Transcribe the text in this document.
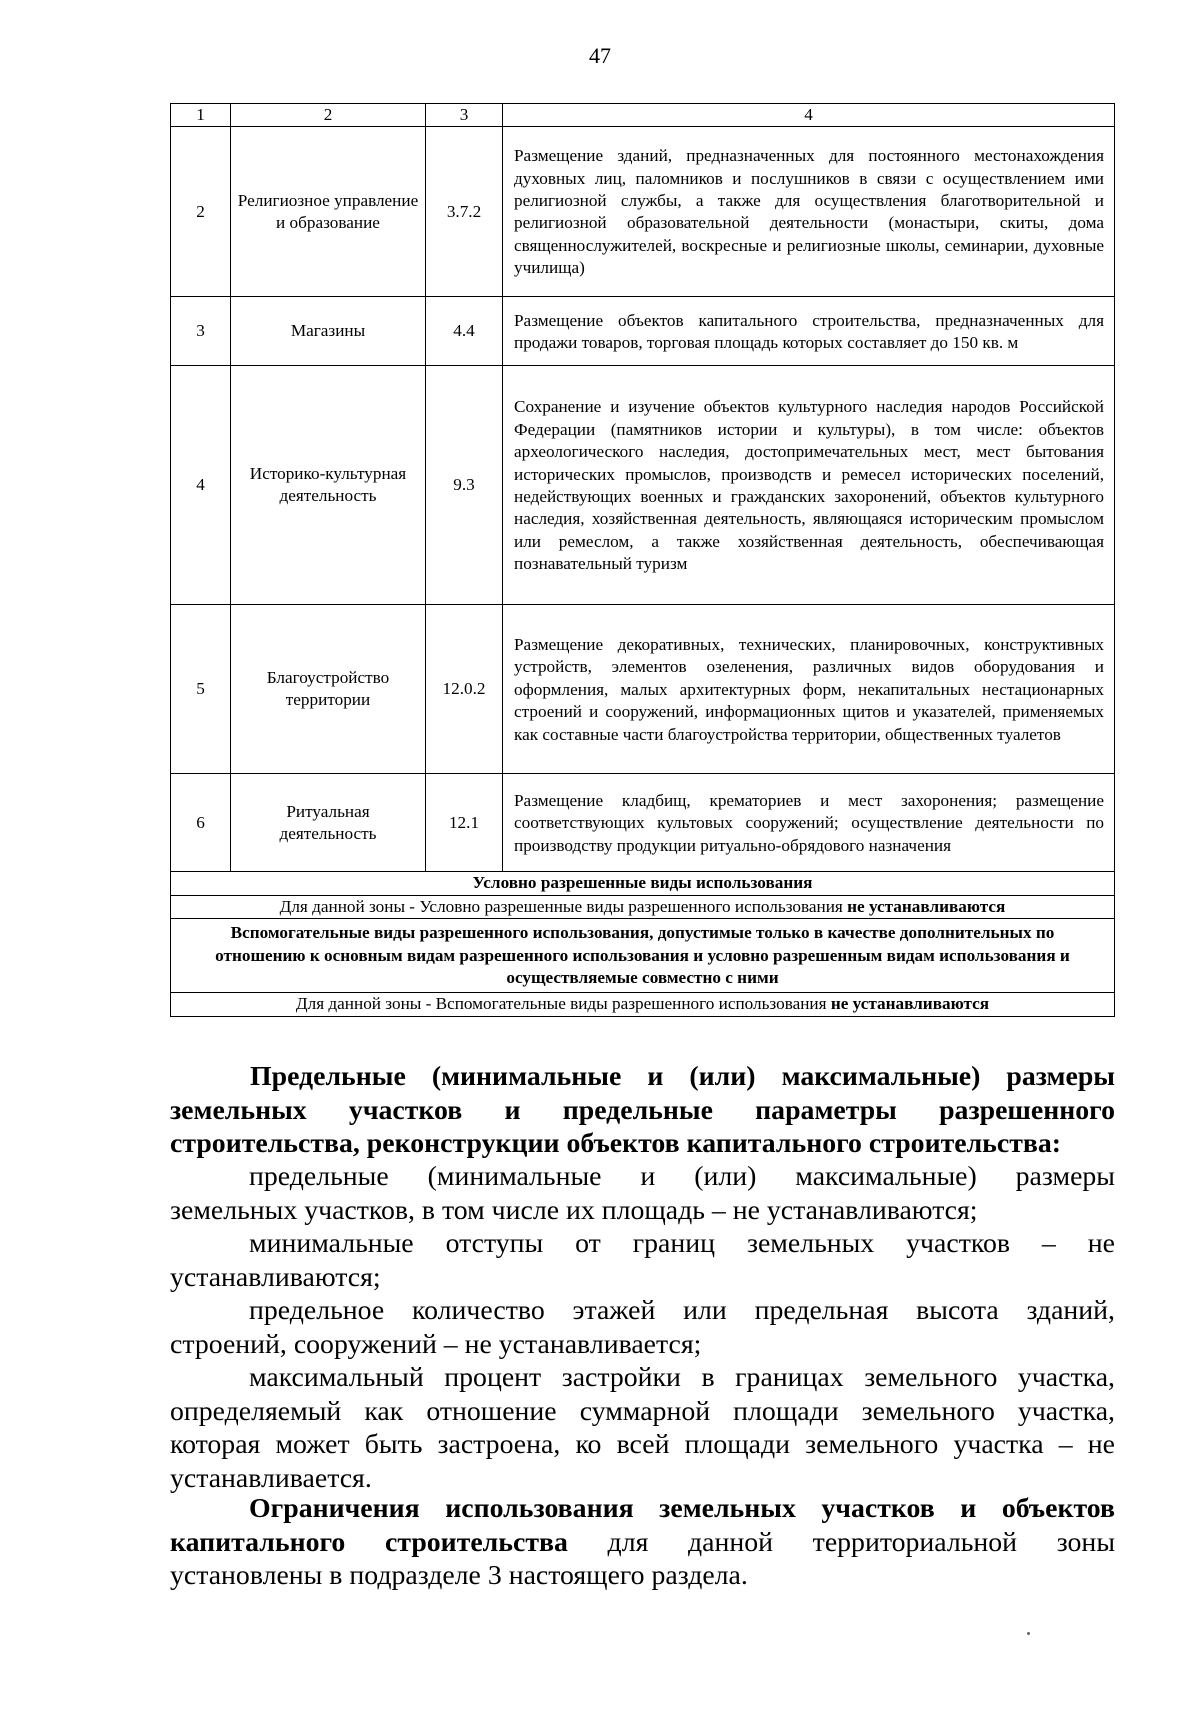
47
1	2	3	4
2	Религиозное управление и образование	3.7.2	Размещение зданий, предназначенных для постоянного местонахождения духовных лиц, паломников и послушников в связи с осуществлением ими религиозной службы, а также для осуществления благотворительной и религиозной образовательной деятельности (монастыри, скиты, дома священнослужителей, воскресные и религиозные школы, семинарии, духовные училища)
3	Магазины	4.4	Размещение объектов капитального строительства, предназначенных для продажи товаров, торговая площадь которых составляет до 150 кв. м
4	Историко-культурная деятельность	9.3	Сохранение и изучение объектов культурного наследия народов Российской Федерации (памятников истории и культуры), в том числе: объектов археологического наследия, достопримечательных мест, мест бытования исторических промыслов, производств и ремесел исторических поселений, недействующих военных и гражданских захоронений, объектов культурного наследия, хозяйственная деятельность, являющаяся историческим промыслом или ремеслом, а также хозяйственная деятельность, обеспечивающая познавательный туризм
5	Благоустройство территории	12.0.2	Размещение декоративных, технических, планировочных, конструктивных устройств, элементов озеленения, различных видов оборудования и оформления, малых архитектурных форм, некапитальных нестационарных строений и сооружений, информационных щитов и указателей, применяемых как составные части благоустройства территории, общественных туалетов
6	Ритуальная деятельность	12.1	Размещение кладбищ, крематориев и мест захоронения; размещение соответствующих культовых сооружений; осуществление деятельности по производству продукции ритуально-обрядового назначения
Условно разрешенные виды использования			
Для данной зоны - Условно разрешенные виды разрешенного использования не устанавливаются			
Вспомогательные виды разрешенного использования, допустимые только в качестве дополнительных по отношению к основным видам разрешенного использования и условно разрешенным видам использования и осуществляемые совместно с ними			
Для данной зоны - Вспомогательные виды разрешенного использования не устанавливаются			

Предельные (минимальные и (или) максимальные) размеры

земельных участков и предельные параметры разрешенного

строительства, реконструкции объектов капитального строительства:

предельные (минимальные и (или) максимальные) размеры

земельных участков, в том числе их площадь – не устанавливаются;

минимальные отступы от границ земельных участков – не

устанавливаются;

предельное количество этажей или предельная высота зданий,

строений, сооружений – не устанавливается;

максимальный процент застройки в границах земельного участка,

определяемый как отношение суммарной площади земельного участка,

которая может быть застроена, ко всей площади земельного участка – не

устанавливается.

Ограничения использования земельных участков и объектов

капитального строительства для данной территориальной зоны

установлены в подразделе 3 настоящего раздела.
